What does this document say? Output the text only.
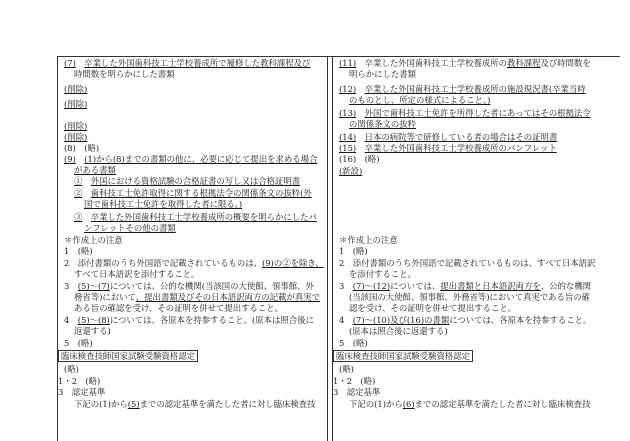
(7)　 卒業した外国歯科技工士学校養成所で履修した教科課程及び
時間数を明らかにした書類
(削除)
(削除)
(削除)
(削除)
(8)　(略)
(9)　 (1)から(8)までの書類の他に、必要に応じて提出を求める場合
がある書類
①　 外国における資格試験の合格証書の写し又は合格証明書
②　 歯科技工士免許取得に関する根拠法令の関係条文の抜粋(外
国で歯科技工士免許を取得した者に限る。)
③　 卒業した外国歯科技工士学校養成所の概要を明らかにしたパ
ンフレットその他の書類
＊作成上の注意
1　(略)
2　添付書類のうち外国語で記載されているものは、(9)の②を除き、
すべて日本語訳を添付すること。
3　(5)～(7)については、公的な機関(当該国の大使館、領事館、外
務省等)において、提出書類及びその日本語訳両方の記載が真実で
ある旨の確認を受け、その証明を併せて提出すること。
4　(5)～(8)については、各原本を持参すること。(原本は照合後に
返還する)
5　(略)
臨床検査技師国家試験受験資格認定
(略)
1・2　(略)
3　認定基準
下記の(1)から(5)までの認定基準を満たした者に対し臨床検査技
(11)　 卒業した外国歯科技工士学校養成所の教科課程及び時間数を
明らかにした書類
(12)　 卒業した外国歯科技工士学校養成所の施設現況書(卒業当時
のものとし、所定の様式によること。)
(13)　 外国で歯科技工士免許を所得した者にあってはその根拠法令
の関係条文の抜粋
(14)　 日本の病院等で研修している者の場合はその証明書
(15)　 卒業した外国歯科技工士学校養成所のパンフレット
(16)　(略)
(新設)
＊作成上の注意
1　(略)
2　添付書類のうち外国語で記載されているものは、すべて日本語訳
を添付すること。
3　(7)～(12)については、提出書類と日本語訳両方を、公的な機関
(当該国の大使館、領事館、外務省等)において真実である旨の確
認を受け、その証明を併せて提出すること。
4　(7)～(10)及び(16)の書類については、各原本を持参すること。
(原本は照合後に返還する)
5　(略)
臨床検査技師国家試験受験資格認定
(略)
1・2　(略)
3　認定基準
下記の(1)から(6)までの認定基準を満たした者に対し臨床検査技
